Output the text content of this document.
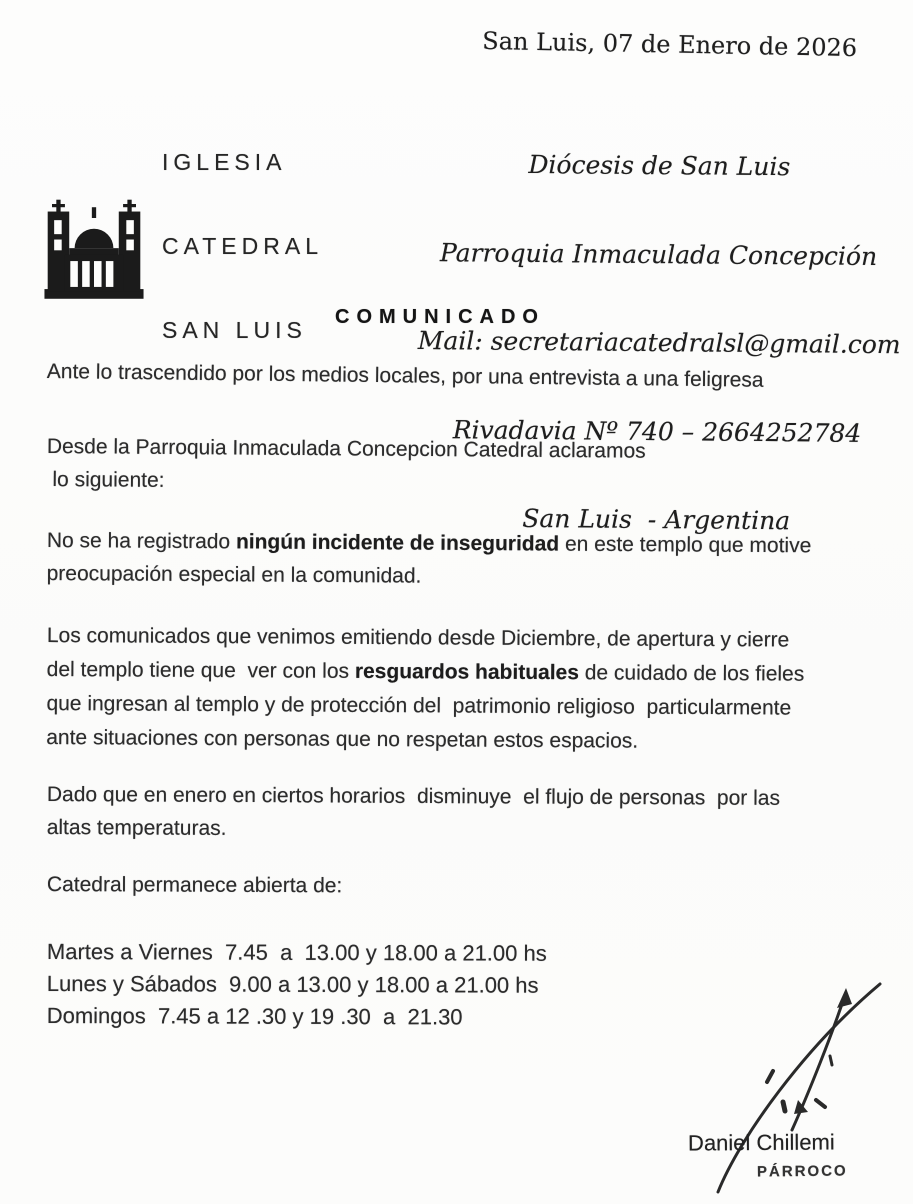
San Luis, 07 de Enero de 2026

IGLESIA

CATEDRAL

SAN LUIS

Diócesis de San Luis

Parroquia Inmaculada Concepción

Mail: secretariacatedralsl@gmail.com

Rivadavia Nº 740 – 2664252784

San Luis  - Argentina

COMUNICADO
Ante lo trascendido por los medios locales, por una entrevista a una feligresa
Desde la Parroquia Inmaculada Concepcion Catedral aclaramos
lo siguiente:
No se ha registrado ningún incidente de inseguridad en este templo que motive
preocupación especial en la comunidad.
Los comunicados que venimos emitiendo desde Diciembre, de apertura y cierre
del templo tiene que  ver con los resguardos habituales de cuidado de los fieles
que ingresan al templo y de protección del  patrimonio religioso  particularmente
ante situaciones con personas que no respetan estos espacios.
Dado que en enero en ciertos horarios  disminuye  el flujo de personas  por las
altas temperaturas.
Catedral permanece abierta de:
Martes a Viernes  7.45  a  13.00 y 18.00 a 21.00 hs
Lunes y Sábados  9.00 a 13.00 y 18.00 a 21.00 hs
Domingos  7.45 a 12 .30 y 19 .30  a  21.30
Daniel Chillemi
PÁRROCO
